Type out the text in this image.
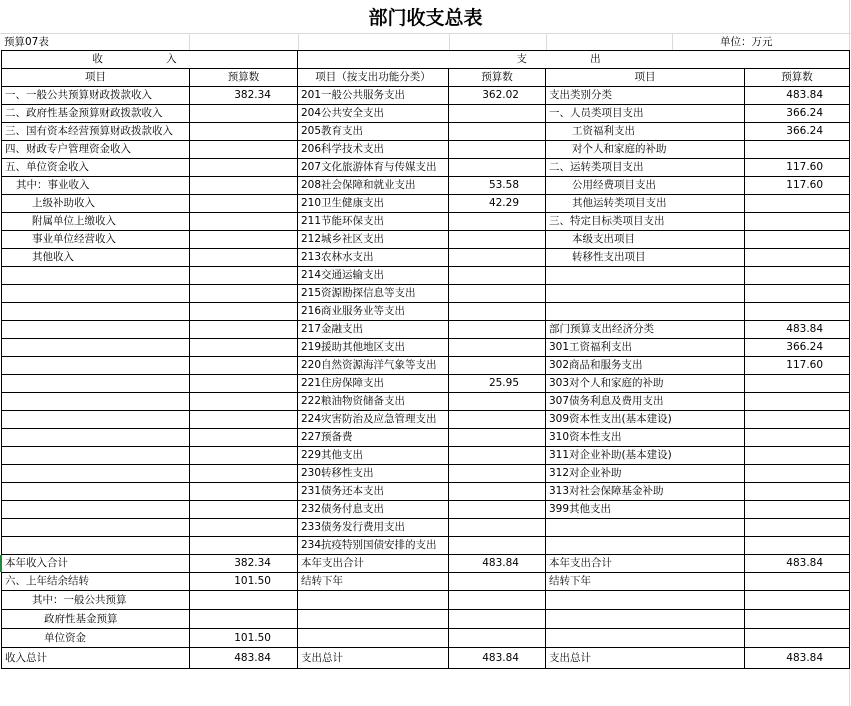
部门收支总表
预算07表	单位：万元
收 入		支 出			
项目	预算数	项目（按支出功能分类）	预算数	项目	预算数
一、一般公共预算财政拨款收入	382.34	201一般公共服务支出	362.02	支出类别分类	483.84
二、政府性基金预算财政拨款收入		204公共安全支出		一、人员类项目支出	366.24
三、国有资本经营预算财政拨款收入		205教育支出		工资福利支出	366.24
四、财政专户管理资金收入		206科学技术支出		对个人和家庭的补助	
五、单位资金收入		207文化旅游体育与传媒支出		二、运转类项目支出	117.60
其中：事业收入		208社会保障和就业支出	53.58	公用经费项目支出	117.60
上级补助收入		210卫生健康支出	42.29	其他运转类项目支出	
附属单位上缴收入		211节能环保支出		三、特定目标类项目支出	
事业单位经营收入		212城乡社区支出		本级支出项目	
其他收入		213农林水支出		转移性支出项目	
		214交通运输支出			
		215资源勘探信息等支出			
		216商业服务业等支出			
		217金融支出		部门预算支出经济分类	483.84
		219援助其他地区支出		301工资福利支出	366.24
		220自然资源海洋气象等支出		302商品和服务支出	117.60
		221住房保障支出	25.95	303对个人和家庭的补助	
		222粮油物资储备支出		307债务利息及费用支出	
		224灾害防治及应急管理支出		309资本性支出(基本建设)	
		227预备费		310资本性支出	
		229其他支出		311对企业补助(基本建设)	
		230转移性支出		312对企业补助	
		231债务还本支出		313对社会保障基金补助	
		232债务付息支出		399其他支出	
		233债务发行费用支出			
		234抗疫特别国债安排的支出			
本年收入合计	382.34	本年支出合计	483.84	本年支出合计	483.84
六、上年结余结转	101.50	结转下年		结转下年	
其中：一般公共预算					
政府性基金预算					
单位资金	101.50				
收入总计	483.84	支出总计	483.84	支出总计	483.84
